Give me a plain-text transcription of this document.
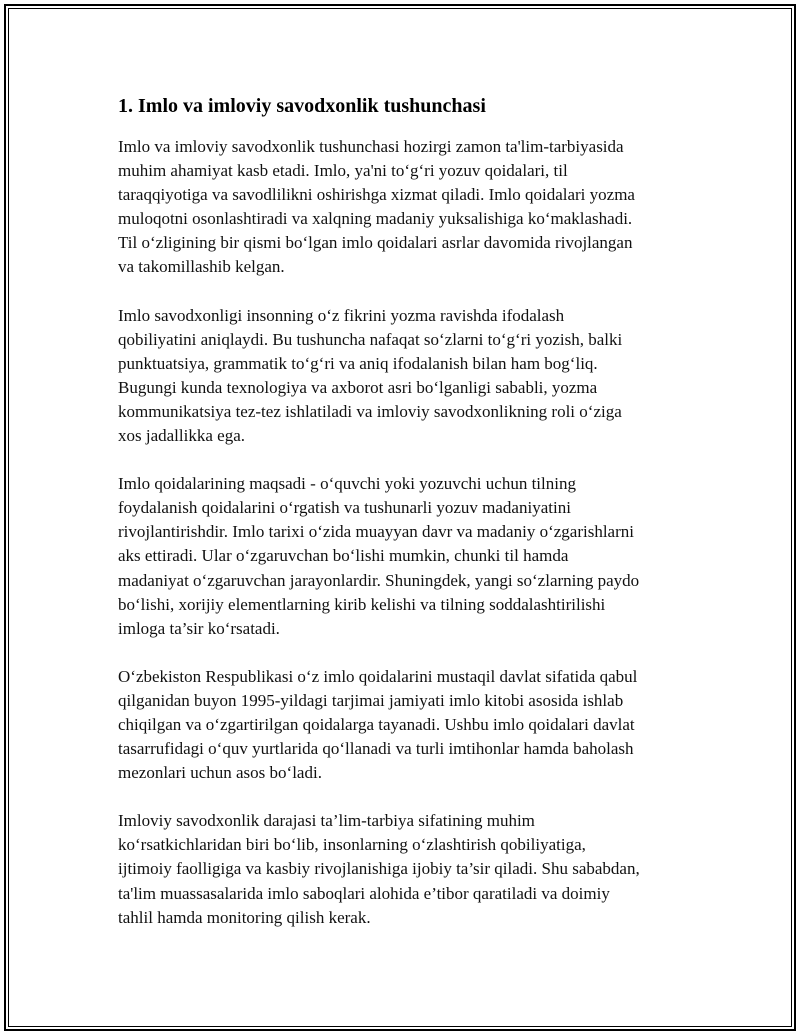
1. Imlo va imloviy savodxonlik tushunchasi

Imlo va imloviy savodxonlik tushunchasi hozirgi zamon ta'lim-tarbiyasida
muhim ahamiyat kasb etadi. Imlo, ya'ni to‘g‘ri yozuv qoidalari, til
taraqqiyotiga va savodlilikni oshirishga xizmat qiladi. Imlo qoidalari yozma
muloqotni osonlashtiradi va xalqning madaniy yuksalishiga ko‘maklashadi.
Til o‘zligining bir qismi bo‘lgan imlo qoidalari asrlar davomida rivojlangan
va takomillashib kelgan.

Imlo savodxonligi insonning o‘z fikrini yozma ravishda ifodalash
qobiliyatini aniqlaydi. Bu tushuncha nafaqat so‘zlarni to‘g‘ri yozish, balki
punktuatsiya, grammatik to‘g‘ri va aniq ifodalanish bilan ham bog‘liq.
Bugungi kunda texnologiya va axborot asri bo‘lganligi sababli, yozma
kommunikatsiya tez-tez ishlatiladi va imloviy savodxonlikning roli o‘ziga
xos jadallikka ega.

Imlo qoidalarining maqsadi - o‘quvchi yoki yozuvchi uchun tilning
foydalanish qoidalarini o‘rgatish va tushunarli yozuv madaniyatini
rivojlantirishdir. Imlo tarixi o‘zida muayyan davr va madaniy o‘zgarishlarni
aks ettiradi. Ular o‘zgaruvchan bo‘lishi mumkin, chunki til hamda
madaniyat o‘zgaruvchan jarayonlardir. Shuningdek, yangi so‘zlarning paydo
bo‘lishi, xorijiy elementlarning kirib kelishi va tilning soddalashtirilishi
imloga ta’sir ko‘rsatadi.

O‘zbekiston Respublikasi o‘z imlo qoidalarini mustaqil davlat sifatida qabul
qilganidan buyon 1995-yildagi tarjimai jamiyati imlo kitobi asosida ishlab
chiqilgan va o‘zgartirilgan qoidalarga tayanadi. Ushbu imlo qoidalari davlat
tasarrufidagi o‘quv yurtlarida qo‘llanadi va turli imtihonlar hamda baholash
mezonlari uchun asos bo‘ladi.

Imloviy savodxonlik darajasi ta’lim-tarbiya sifatining muhim
ko‘rsatkichlaridan biri bo‘lib, insonlarning o‘zlashtirish qobiliyatiga,
ijtimoiy faolligiga va kasbiy rivojlanishiga ijobiy ta’sir qiladi. Shu sababdan,
ta'lim muassasalarida imlo saboqlari alohida e’tibor qaratiladi va doimiy
tahlil hamda monitoring qilish kerak.
